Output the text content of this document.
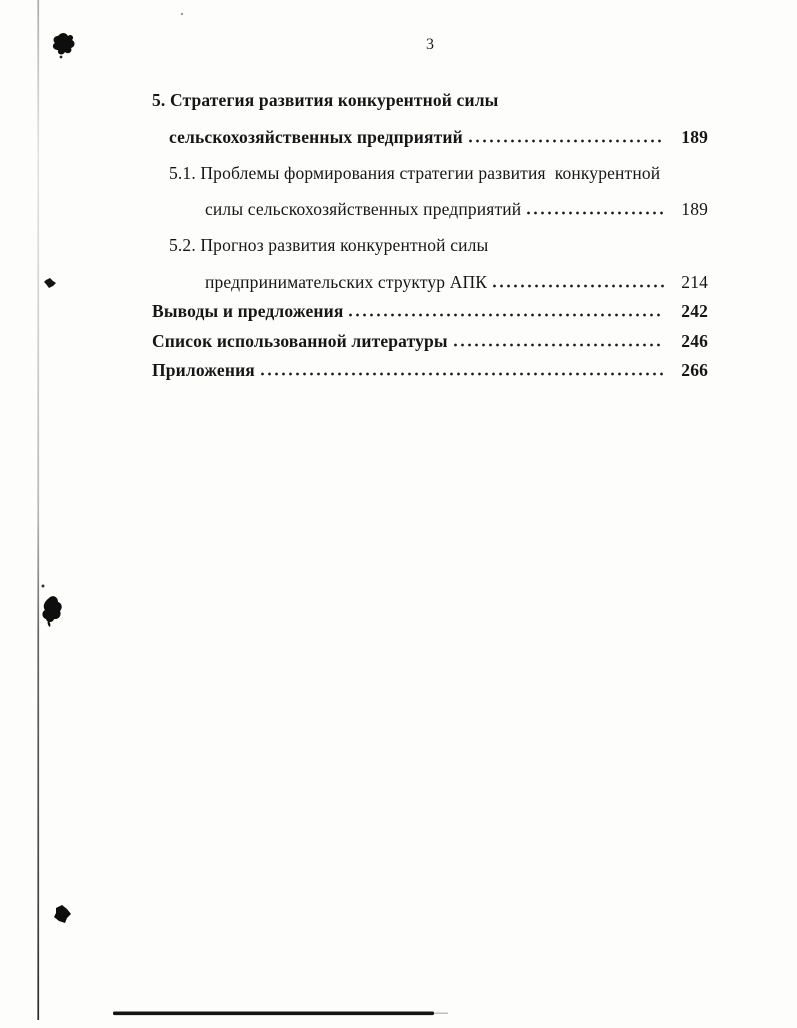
3
5. Стратегия развития конкурентной силы
сельскохозяйственных предприятий	189
5.1. Проблемы формирования стратегии развития  конкурентной
силы сельскохозяйственных предприятий	189
5.2. Прогноз развития конкурентной силы
предпринимательских структур АПК	214
Выводы и предложения	242
Список использованной литературы	246
Приложения	266
